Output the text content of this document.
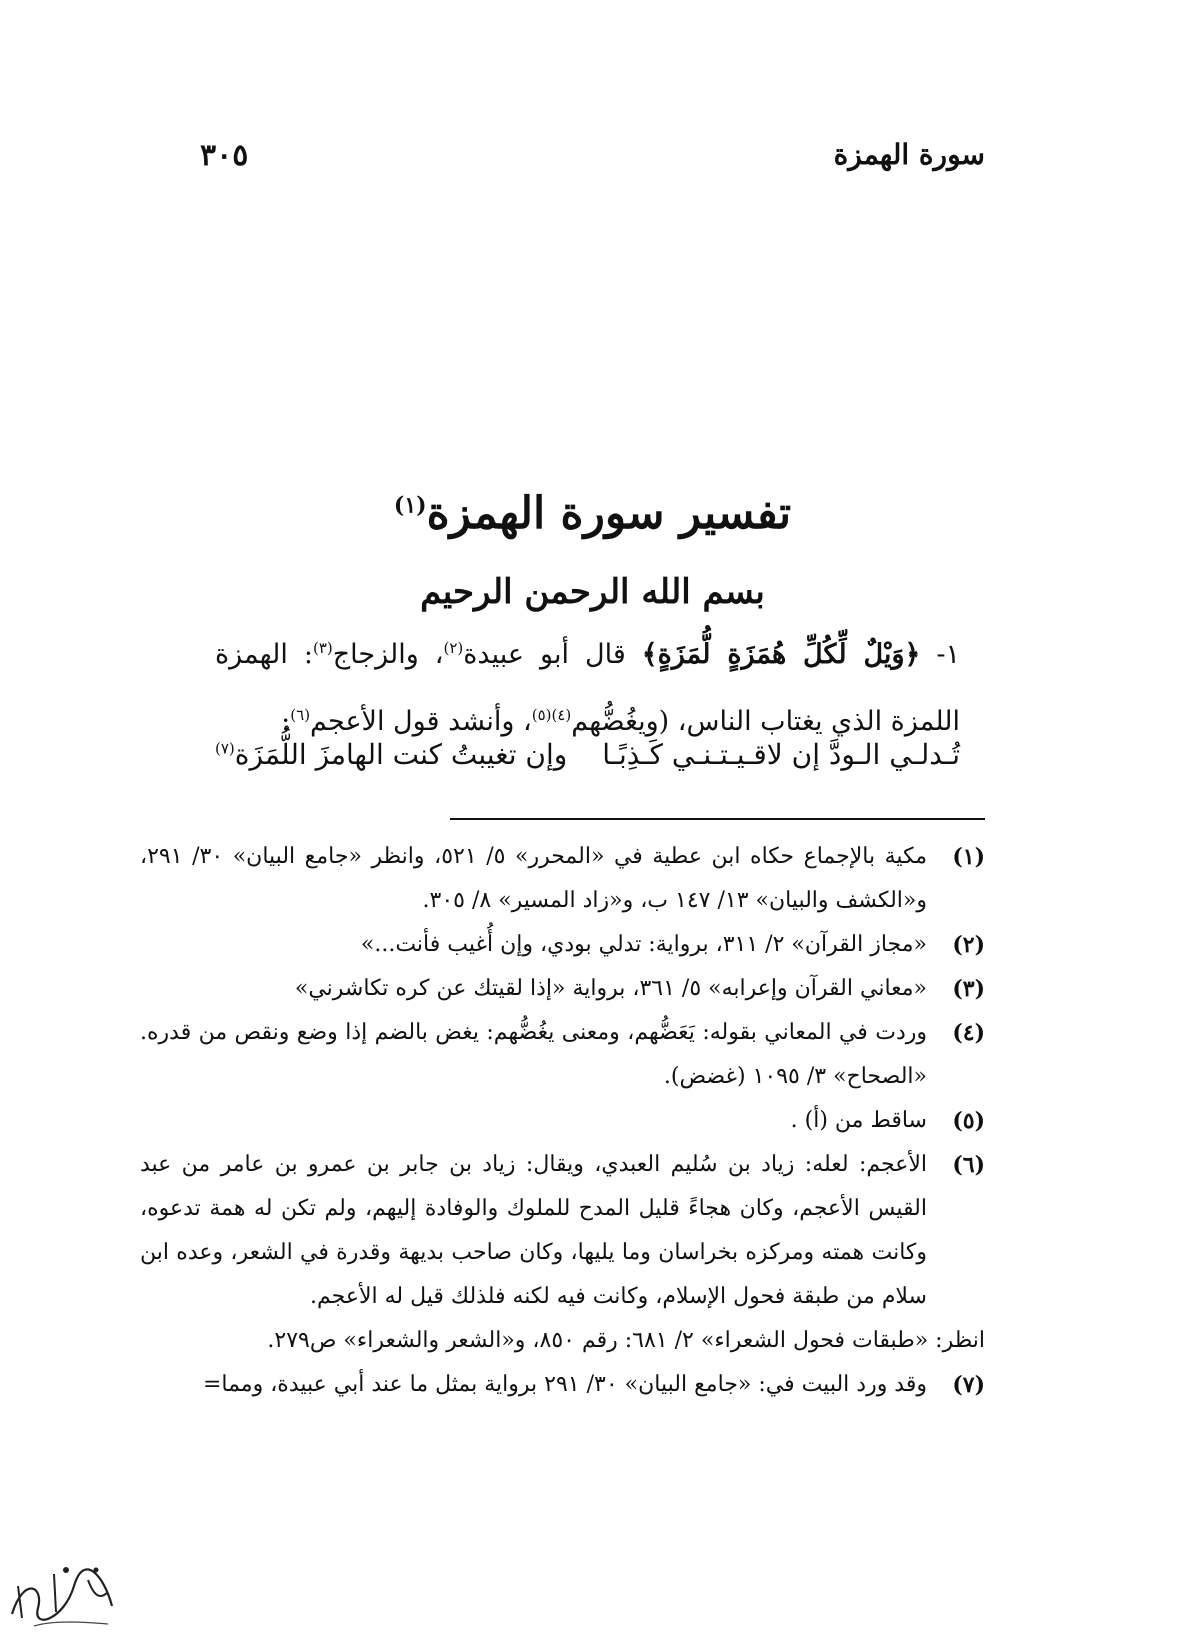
سورة الهمزة
٣٠٥
تفسير سورة الهمزة$^{(١)}$
بسم الله الرحمن الرحيم

١- ﴿وَيْلٌ لِّكُلِّ هُمَزَةٍ لُّمَزَةٍ﴾ قال أبو عبيدة$^{(٢)}$، والزجاج$^{(٣)}$: الهمزة اللمزة الذي يغتاب الناس، (ويغُضُّهم$^{(٤)(٥)}$، وأنشد قول الأعجم$^{(٦)}$:

تُـدلـي الـودَّ إن لاقـيـتـنـي كَـذِبًـا
وإن تغيبتُ كنت الهامزَ اللُّمَزَة$^{(٧)}$

(١)
مكية بالإجماع حكاه ابن عطية في «المحرر» ٥/ ٥٢١، وانظر «جامع البيان» ٣٠/ ٢٩١، و«الكشف والبيان» ١٣/ ١٤٧ ب، و«زاد المسير» ٨/ ٣٠٥.

(٢)
«مجاز القرآن» ٢/ ٣١١، برواية: تدلي بودي، وإن أُغيب فأنت...»

(٣)
«معاني القرآن وإعرابه» ٥/ ٣٦١، برواية «إذا لقيتك عن كره تكاشرني»

(٤)
وردت في المعاني بقوله: يَعَضُّهم، ومعنى يغُضُّهم: يغض بالضم إذا وضع ونقص من قدره. «الصحاح» ٣/ ١٠٩٥ (غضض).

(٥)
ساقط من (أ) .

(٦)
الأعجم: لعله: زياد بن سُليم العبدي، ويقال: زياد بن جابر بن عمرو بن عامر من عبد القيس الأعجم، وكان هجاءً قليل المدح للملوك والوفادة إليهم، ولم تكن له همة تدعوه، وكانت همته ومركزه بخراسان وما يليها، وكان صاحب بديهة وقدرة في الشعر، وعده ابن سلام من طبقة فحول الإسلام، وكانت فيه لكنه فلذلك قيل له الأعجم.

انظر: «طبقات فحول الشعراء» ٢/ ٦٨١: رقم ٨٥٠، و«الشعر والشعراء» ص٢٧٩.

(٧)
وقد ورد البيت في: «جامع البيان» ٣٠/ ٢٩١ برواية بمثل ما عند أبي عبيدة، ومما=
